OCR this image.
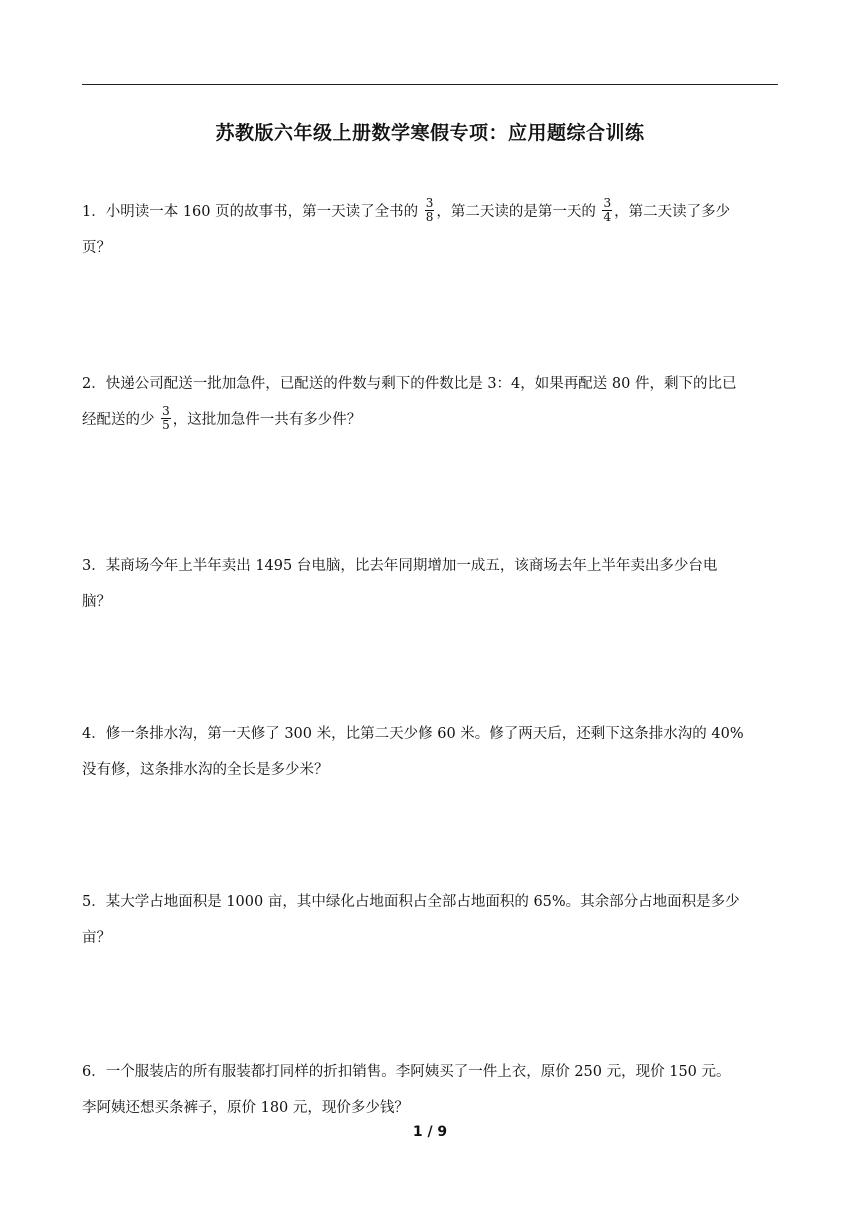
苏教版六年级上册数学寒假专项：应用题综合训练
1．小明读一本 160 页的故事书，第一天读了全书的 $\frac{3}{8}$ ，第二天读的是第一天的 $\frac{3}{4}$ ，第二天读了多少
页？
2．快递公司配送一批加急件，已配送的件数与剩下的件数比是 3：4，如果再配送 80 件，剩下的比已
经配送的少 $\frac{3}{5}$ ，这批加急件一共有多少件？
3．某商场今年上半年卖出 1495 台电脑，比去年同期增加一成五，该商场去年上半年卖出多少台电
脑？
4．修一条排水沟，第一天修了 300 米，比第二天少修 60 米。修了两天后，还剩下这条排水沟的 40%
没有修，这条排水沟的全长是多少米？
5．某大学占地面积是 1000 亩，其中绿化占地面积占全部占地面积的 65%。其余部分占地面积是多少
亩？
6．一个服装店的所有服装都打同样的折扣销售。李阿姨买了一件上衣，原价 250 元，现价 150 元。
李阿姨还想买条裤子，原价 180 元，现价多少钱？
1 / 9
